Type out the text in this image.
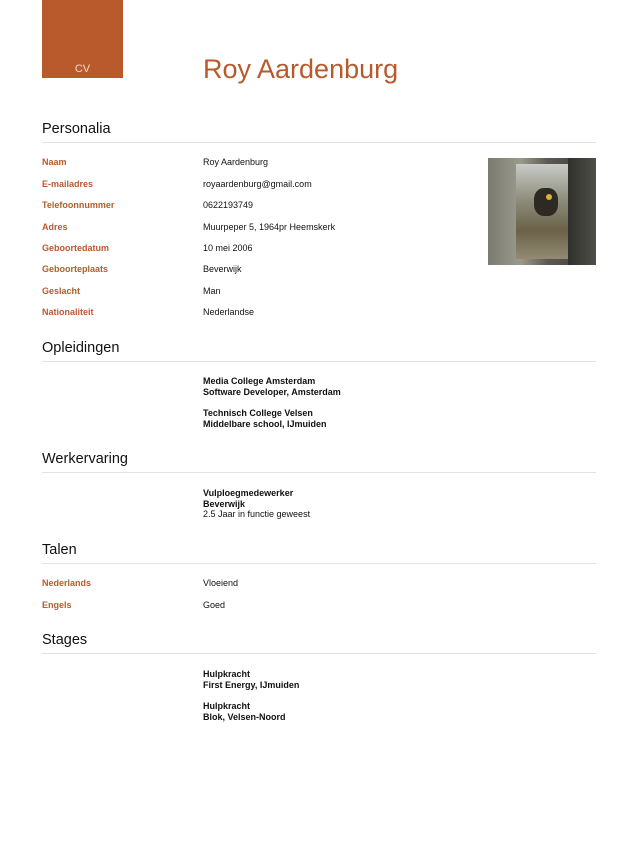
CV	Roy Aardenburg
Personalia
Naam	Roy Aardenburg
E-mailadres	royaardenburg@gmail.com
Telefoonnummer	0622193749
Adres	Muurpeper 5, 1964pr Heemskerk
Geboortedatum	10 mei 2006
Geboorteplaats	Beverwijk
Geslacht	Man
Nationaliteit	Nederlandse
Opleidingen
Media College Amsterdam
Software Developer, Amsterdam
Technisch College Velsen
Middelbare school, IJmuiden
Werkervaring
Vulploegmedewerker
Beverwijk
2.5 Jaar in functie geweest
Talen
Nederlands	Vloeiend
Engels	Goed
Stages
Hulpkracht
First Energy, IJmuiden
Hulpkracht
Blok, Velsen-Noord
